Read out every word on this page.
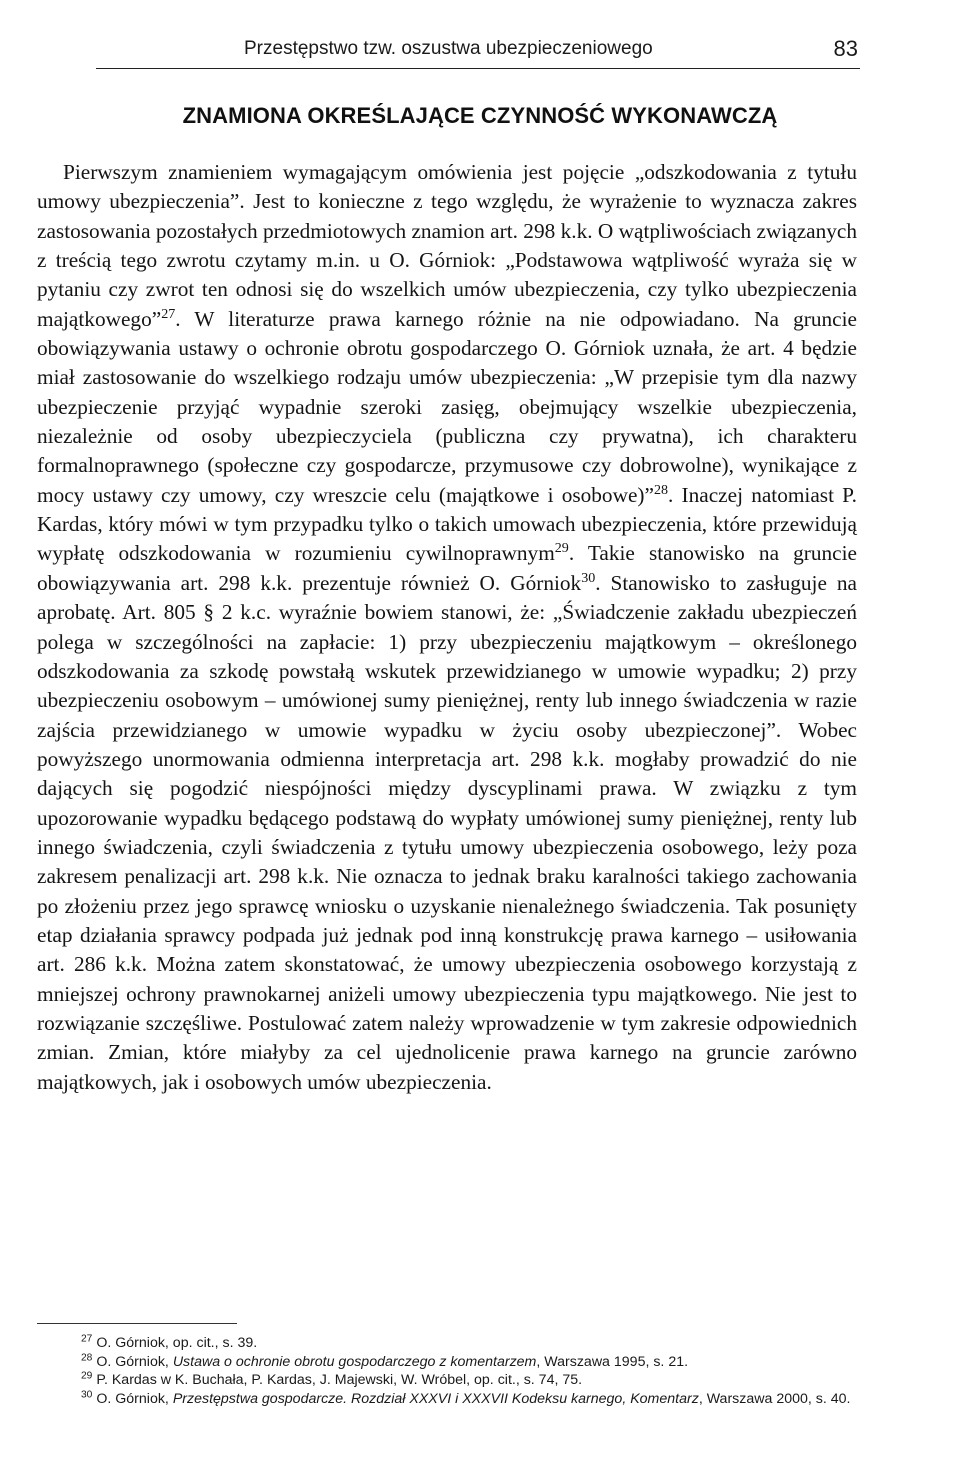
Przestępstwo tzw. oszustwa ubezpieczeniowego	83
ZNAMIONA OKREŚLAJĄCE CZYNNOŚĆ WYKONAWCZĄ
Pierwszym znamieniem wymagającym omówienia jest pojęcie „odszkodowania z tytułu umowy ubezpieczenia”. Jest to konieczne z tego względu, że wyrażenie to wyznacza zakres zastosowania pozostałych przedmiotowych znamion art. 298 k.k. O wątpliwościach związanych z treścią tego zwrotu czytamy m.in. u O. Górniok: „Podstawowa wątpliwość wyraża się w pytaniu czy zwrot ten odnosi się do wszelkich umów ubezpieczenia, czy tylko ubezpieczenia majątkowego”$^{27}$. W literaturze prawa karnego różnie na nie odpowiadano. Na gruncie obowiązywania ustawy o ochronie obrotu gospodarczego O. Górniok uznała, że art. 4 będzie miał zastosowanie do wszelkiego rodzaju umów ubezpieczenia: „W przepisie tym dla nazwy ubezpieczenie przyjąć wypadnie szeroki zasięg, obejmujący wszelkie ubezpieczenia, niezależnie od osoby ubezpieczyciela (publiczna czy prywatna), ich charakteru formalnoprawnego (społeczne czy gospodarcze, przymusowe czy dobrowolne), wynikające z mocy ustawy czy umowy, czy wreszcie celu (majątkowe i osobowe)”$^{28}$. Inaczej natomiast P. Kardas, który mówi w tym przypadku tylko o takich umowach ubezpieczenia, które przewidują wypłatę odszkodowania w rozumieniu cywilnoprawnym$^{29}$. Takie stanowisko na gruncie obowiązywania art. 298 k.k. prezentuje również O. Górniok$^{30}$. Stanowisko to zasługuje na aprobatę. Art. 805 § 2 k.c. wyraźnie bowiem stanowi, że: „Świadczenie zakładu ubezpieczeń polega w szczególności na zapłacie: 1) przy ubezpieczeniu majątkowym – określonego odszkodowania za szkodę powstałą wskutek przewidzianego w umowie wypadku; 2) przy ubezpieczeniu osobowym – umówionej sumy pieniężnej, renty lub innego świadczenia w razie zajścia przewidzianego w umowie wypadku w życiu osoby ubezpieczonej”. Wobec powyższego unormowania odmienna interpretacja art. 298 k.k. mogłaby prowadzić do nie dających się pogodzić niespójności między dyscyplinami prawa. W związku z tym upozorowanie wypadku będącego podstawą do wypłaty umówionej sumy pieniężnej, renty lub innego świadczenia, czyli świadczenia z tytułu umowy ubezpieczenia osobowego, leży poza zakresem penalizacji art. 298 k.k. Nie oznacza to jednak braku karalności takiego zachowania po złożeniu przez jego sprawcę wniosku o uzyskanie nienależnego świadczenia. Tak posunięty etap działania sprawcy podpada już jednak pod inną konstrukcję prawa karnego – usiłowania art. 286 k.k. Można zatem skonstatować, że umowy ubezpieczenia osobowego korzystają z mniejszej ochrony prawnokarnej aniżeli umowy ubezpieczenia typu majątkowego. Nie jest to rozwiązanie szczęśliwe. Postulować zatem należy wprowadzenie w tym zakresie odpowiednich zmian. Zmian, które miałyby za cel ujednolicenie prawa karnego na gruncie zarówno majątkowych, jak i osobowych umów ubezpieczenia.
$^{27}$ O. Górniok, op. cit., s. 39.
$^{28}$ O. Górniok, Ustawa o ochronie obrotu gospodarczego z komentarzem, Warszawa 1995, s. 21.
$^{29}$ P. Kardas w K. Buchała, P. Kardas, J. Majewski, W. Wróbel, op. cit., s. 74, 75.
$^{30}$ O. Górniok, Przestępstwa gospodarcze. Rozdział XXXVI i XXXVII Kodeksu karnego, Komentarz, Warszawa 2000, s. 40.
